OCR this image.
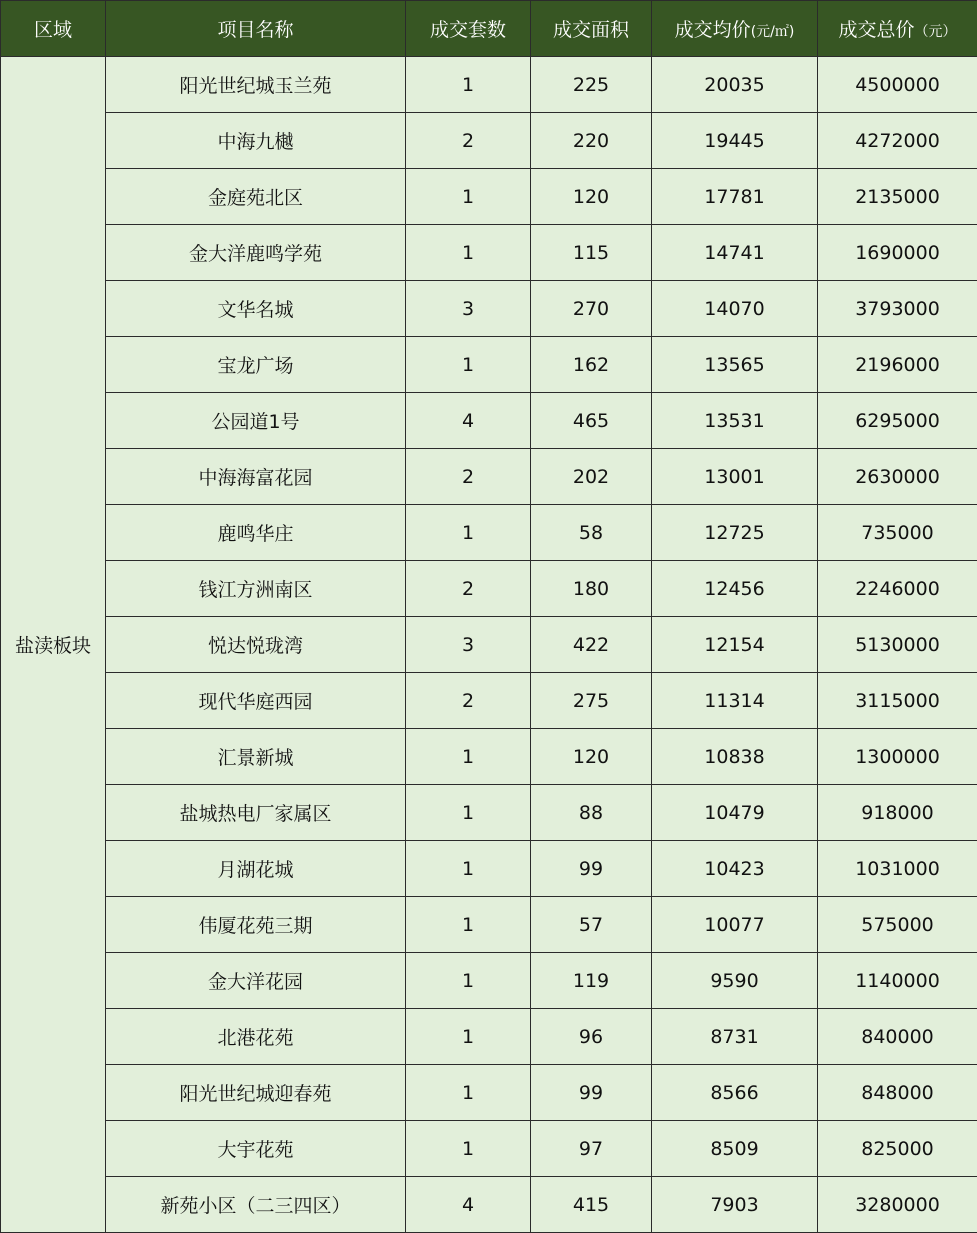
区域	项目名称	成交套数	成交面积	成交均价(元/㎡)	成交总价（元）
盐渎板块	阳光世纪城玉兰苑	1	225	20035	4500000
	中海九樾	2	220	19445	4272000
	金庭苑北区	1	120	17781	2135000
	金大洋鹿鸣学苑	1	115	14741	1690000
	文华名城	3	270	14070	3793000
	宝龙广场	1	162	13565	2196000
	公园道1号	4	465	13531	6295000
	中海海富花园	2	202	13001	2630000
	鹿鸣华庄	1	58	12725	735000
	钱江方洲南区	2	180	12456	2246000
	悦达悦珑湾	3	422	12154	5130000
	现代华庭西园	2	275	11314	3115000
	汇景新城	1	120	10838	1300000
	盐城热电厂家属区	1	88	10479	918000
	月湖花城	1	99	10423	1031000
	伟厦花苑三期	1	57	10077	575000
	金大洋花园	1	119	9590	1140000
	北港花苑	1	96	8731	840000
	阳光世纪城迎春苑	1	99	8566	848000
	大宇花苑	1	97	8509	825000
	新苑小区（二三四区）	4	415	7903	3280000
